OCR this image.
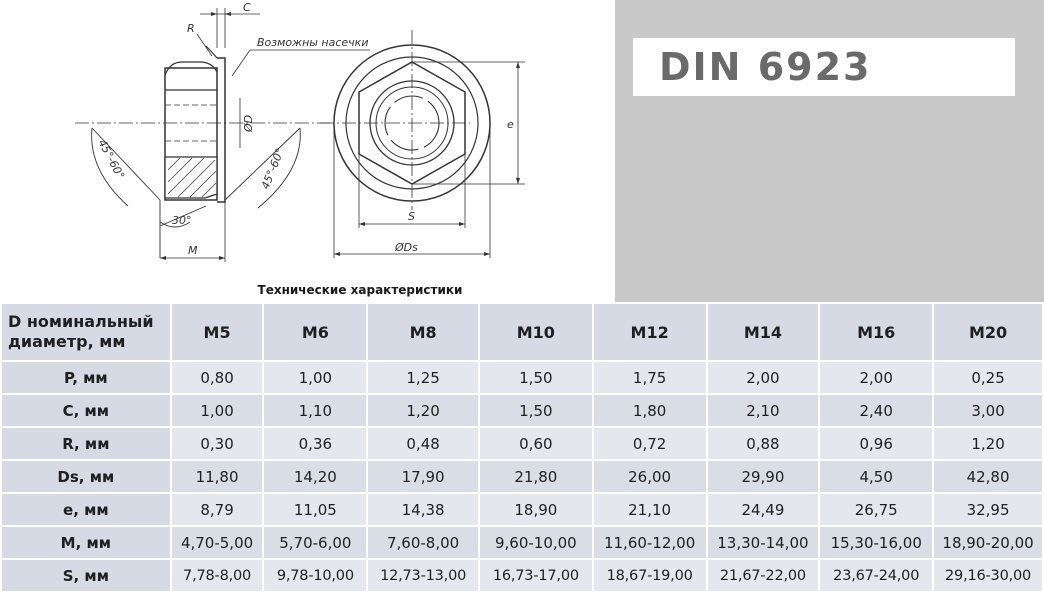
R
C
Возможны насечки
ØD
45°-60°	45°-60°
30°
M
e
S
ØDs
Технические характеристики
DIN 6923
D номинальный диаметр, мм	M5	M6	M8	M10	M12	M14	M16	M20
P, мм	0,80	1,00	1,25	1,50	1,75	2,00	2,00	0,25
C, мм	1,00	1,10	1,20	1,50	1,80	2,10	2,40	3,00
R, мм	0,30	0,36	0,48	0,60	0,72	0,88	0,96	1,20
Ds, мм	11,80	14,20	17,90	21,80	26,00	29,90	4,50	42,80
e, мм	8,79	11,05	14,38	18,90	21,10	24,49	26,75	32,95
M, мм	4,70-5,00	5,70-6,00	7,60-8,00	9,60-10,00	11,60-12,00	13,30-14,00	15,30-16,00	18,90-20,00
S, мм	7,78-8,00	9,78-10,00	12,73-13,00	16,73-17,00	18,67-19,00	21,67-22,00	23,67-24,00	29,16-30,00
